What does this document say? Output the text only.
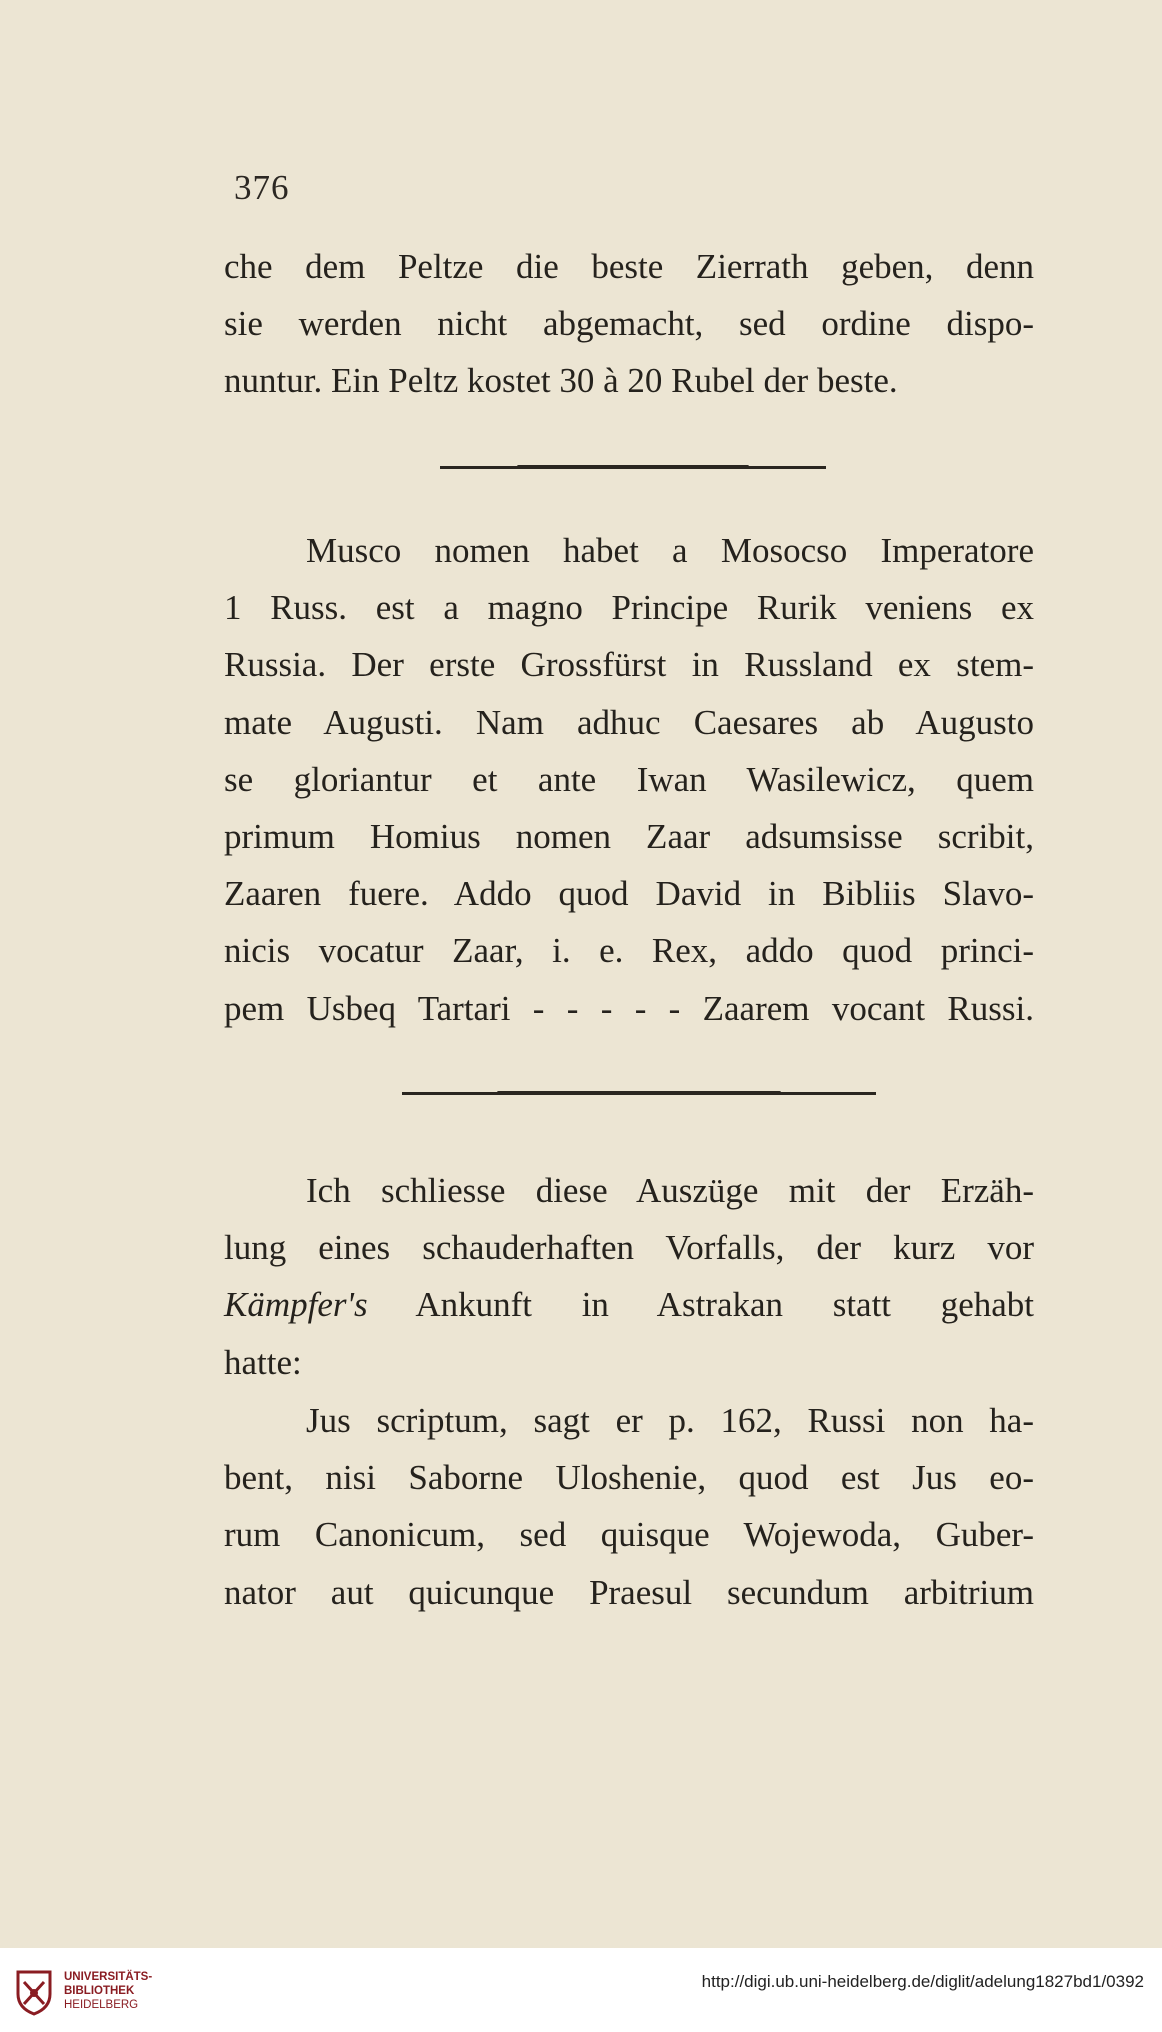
376
che dem Peltze die beste Zierrath geben, denn
sie werden nicht abgemacht, sed ordine dispo-
nuntur. Ein Peltz kostet 30 à 20 Rubel der beste.
Musco nomen habet a Mosocso Imperatore
1 Russ. est a magno Principe Rurik veniens ex
Russia. Der erste Grossfürst in Russland ex stem-
mate Augusti. Nam adhuc Caesares ab Augusto
se gloriantur et ante Iwan Wasilewicz, quem
primum Homius nomen Zaar adsumsisse scribit,
Zaaren fuere. Addo quod David in Bibliis Slavo-
nicis vocatur Zaar, i. e. Rex, addo quod princi-
pem Usbeq Tartari - - - - - Zaarem vocant Russi.
Ich schliesse diese Auszüge mit der Erzäh-
lung eines schauderhaften Vorfalls, der kurz vor
Kämpfer's Ankunft in Astrakan statt gehabt
hatte:
Jus scriptum, sagt er p. 162, Russi non ha-
bent, nisi Saborne Uloshenie, quod est Jus eo-
rum Canonicum, sed quisque Wojewoda, Guber-
nator aut quicunque Praesul secundum arbitrium
UNIVERSITÄTS-
BIBLIOTHEK
HEIDELBERG
http://digi.ub.uni-heidelberg.de/diglit/adelung1827bd1/0392
